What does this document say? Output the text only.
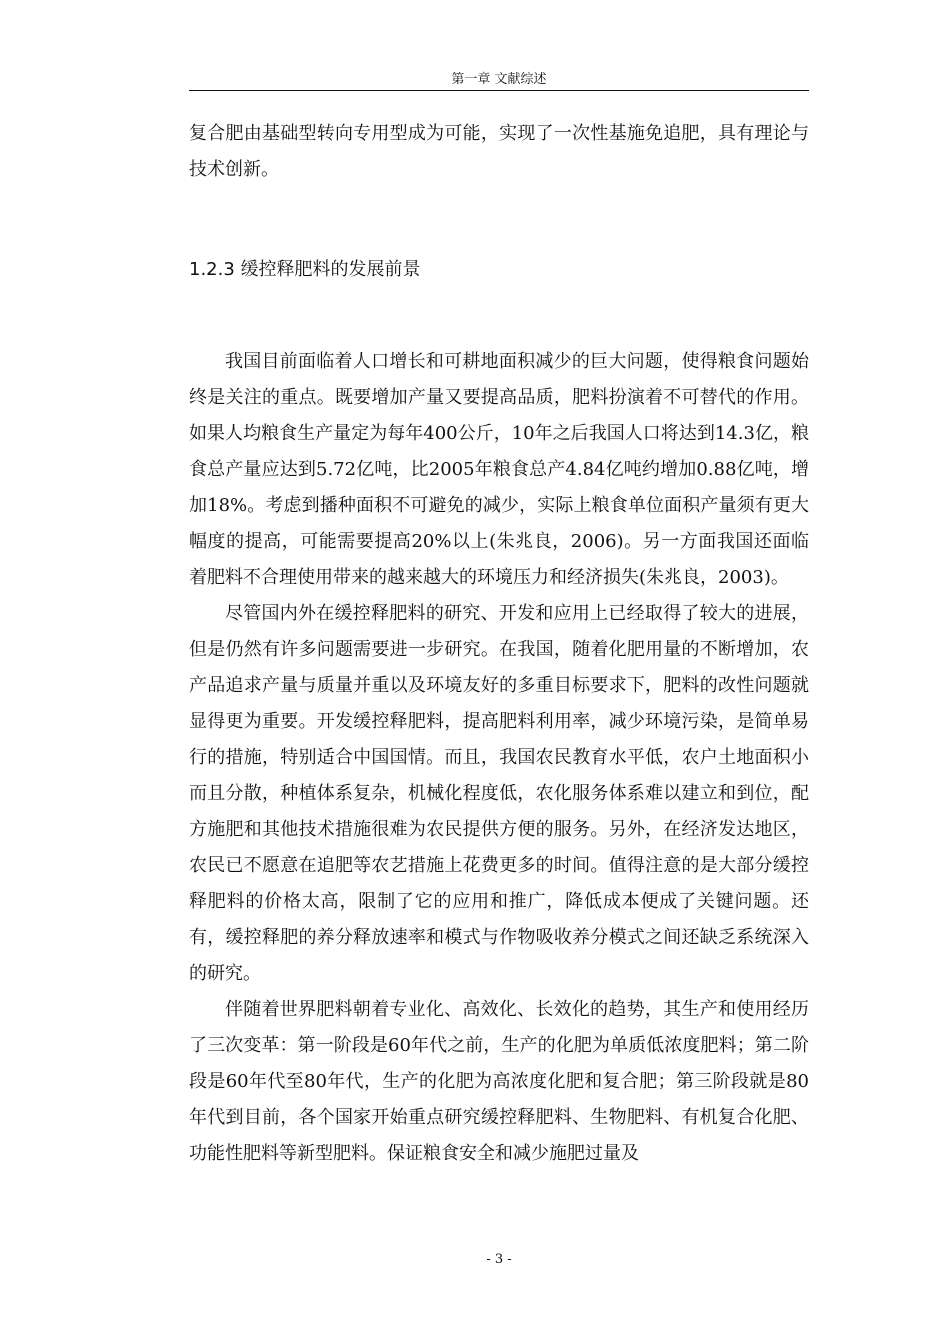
第一章 文献综述

复合肥由基础型转向专用型成为可能，实现了一次性基施免追肥，具有理论与技术创新。

1.2.3 缓控释肥料的发展前景

我国目前面临着人口增长和可耕地面积减少的巨大问题，使得粮食问题始终是关注的重点。既要增加产量又要提高品质，肥料扮演着不可替代的作用。如果人均粮食生产量定为每年400公斤，10年之后我国人口将达到14.3亿，粮食总产量应达到5.72亿吨，比2005年粮食总产4.84亿吨约增加0.88亿吨，增加18%。考虑到播种面积不可避免的减少，实际上粮食单位面积产量须有更大幅度的提高，可能需要提高20%以上(朱兆良，2006)。另一方面我国还面临着肥料不合理使用带来的越来越大的环境压力和经济损失(朱兆良，2003)。

尽管国内外在缓控释肥料的研究、开发和应用上已经取得了较大的进展，但是仍然有许多问题需要进一步研究。在我国，随着化肥用量的不断增加，农产品追求产量与质量并重以及环境友好的多重目标要求下，肥料的改性问题就显得更为重要。开发缓控释肥料，提高肥料利用率，减少环境污染，是简单易行的措施，特别适合中国国情。而且，我国农民教育水平低，农户土地面积小而且分散，种植体系复杂，机械化程度低，农化服务体系难以建立和到位，配方施肥和其他技术措施很难为农民提供方便的服务。另外，在经济发达地区，农民已不愿意在追肥等农艺措施上花费更多的时间。值得注意的是大部分缓控释肥料的价格太高，限制了它的应用和推广，降低成本便成了关键问题。还有，缓控释肥的养分释放速率和模式与作物吸收养分模式之间还缺乏系统深入的研究。

伴随着世界肥料朝着专业化、高效化、长效化的趋势，其生产和使用经历了三次变革：第一阶段是60年代之前，生产的化肥为单质低浓度肥料；第二阶段是60年代至80年代，生产的化肥为高浓度化肥和复合肥；第三阶段就是80年代到目前，各个国家开始重点研究缓控释肥料、生物肥料、有机复合化肥、功能性肥料等新型肥料。保证粮食安全和减少施肥过量及

- 3 -
